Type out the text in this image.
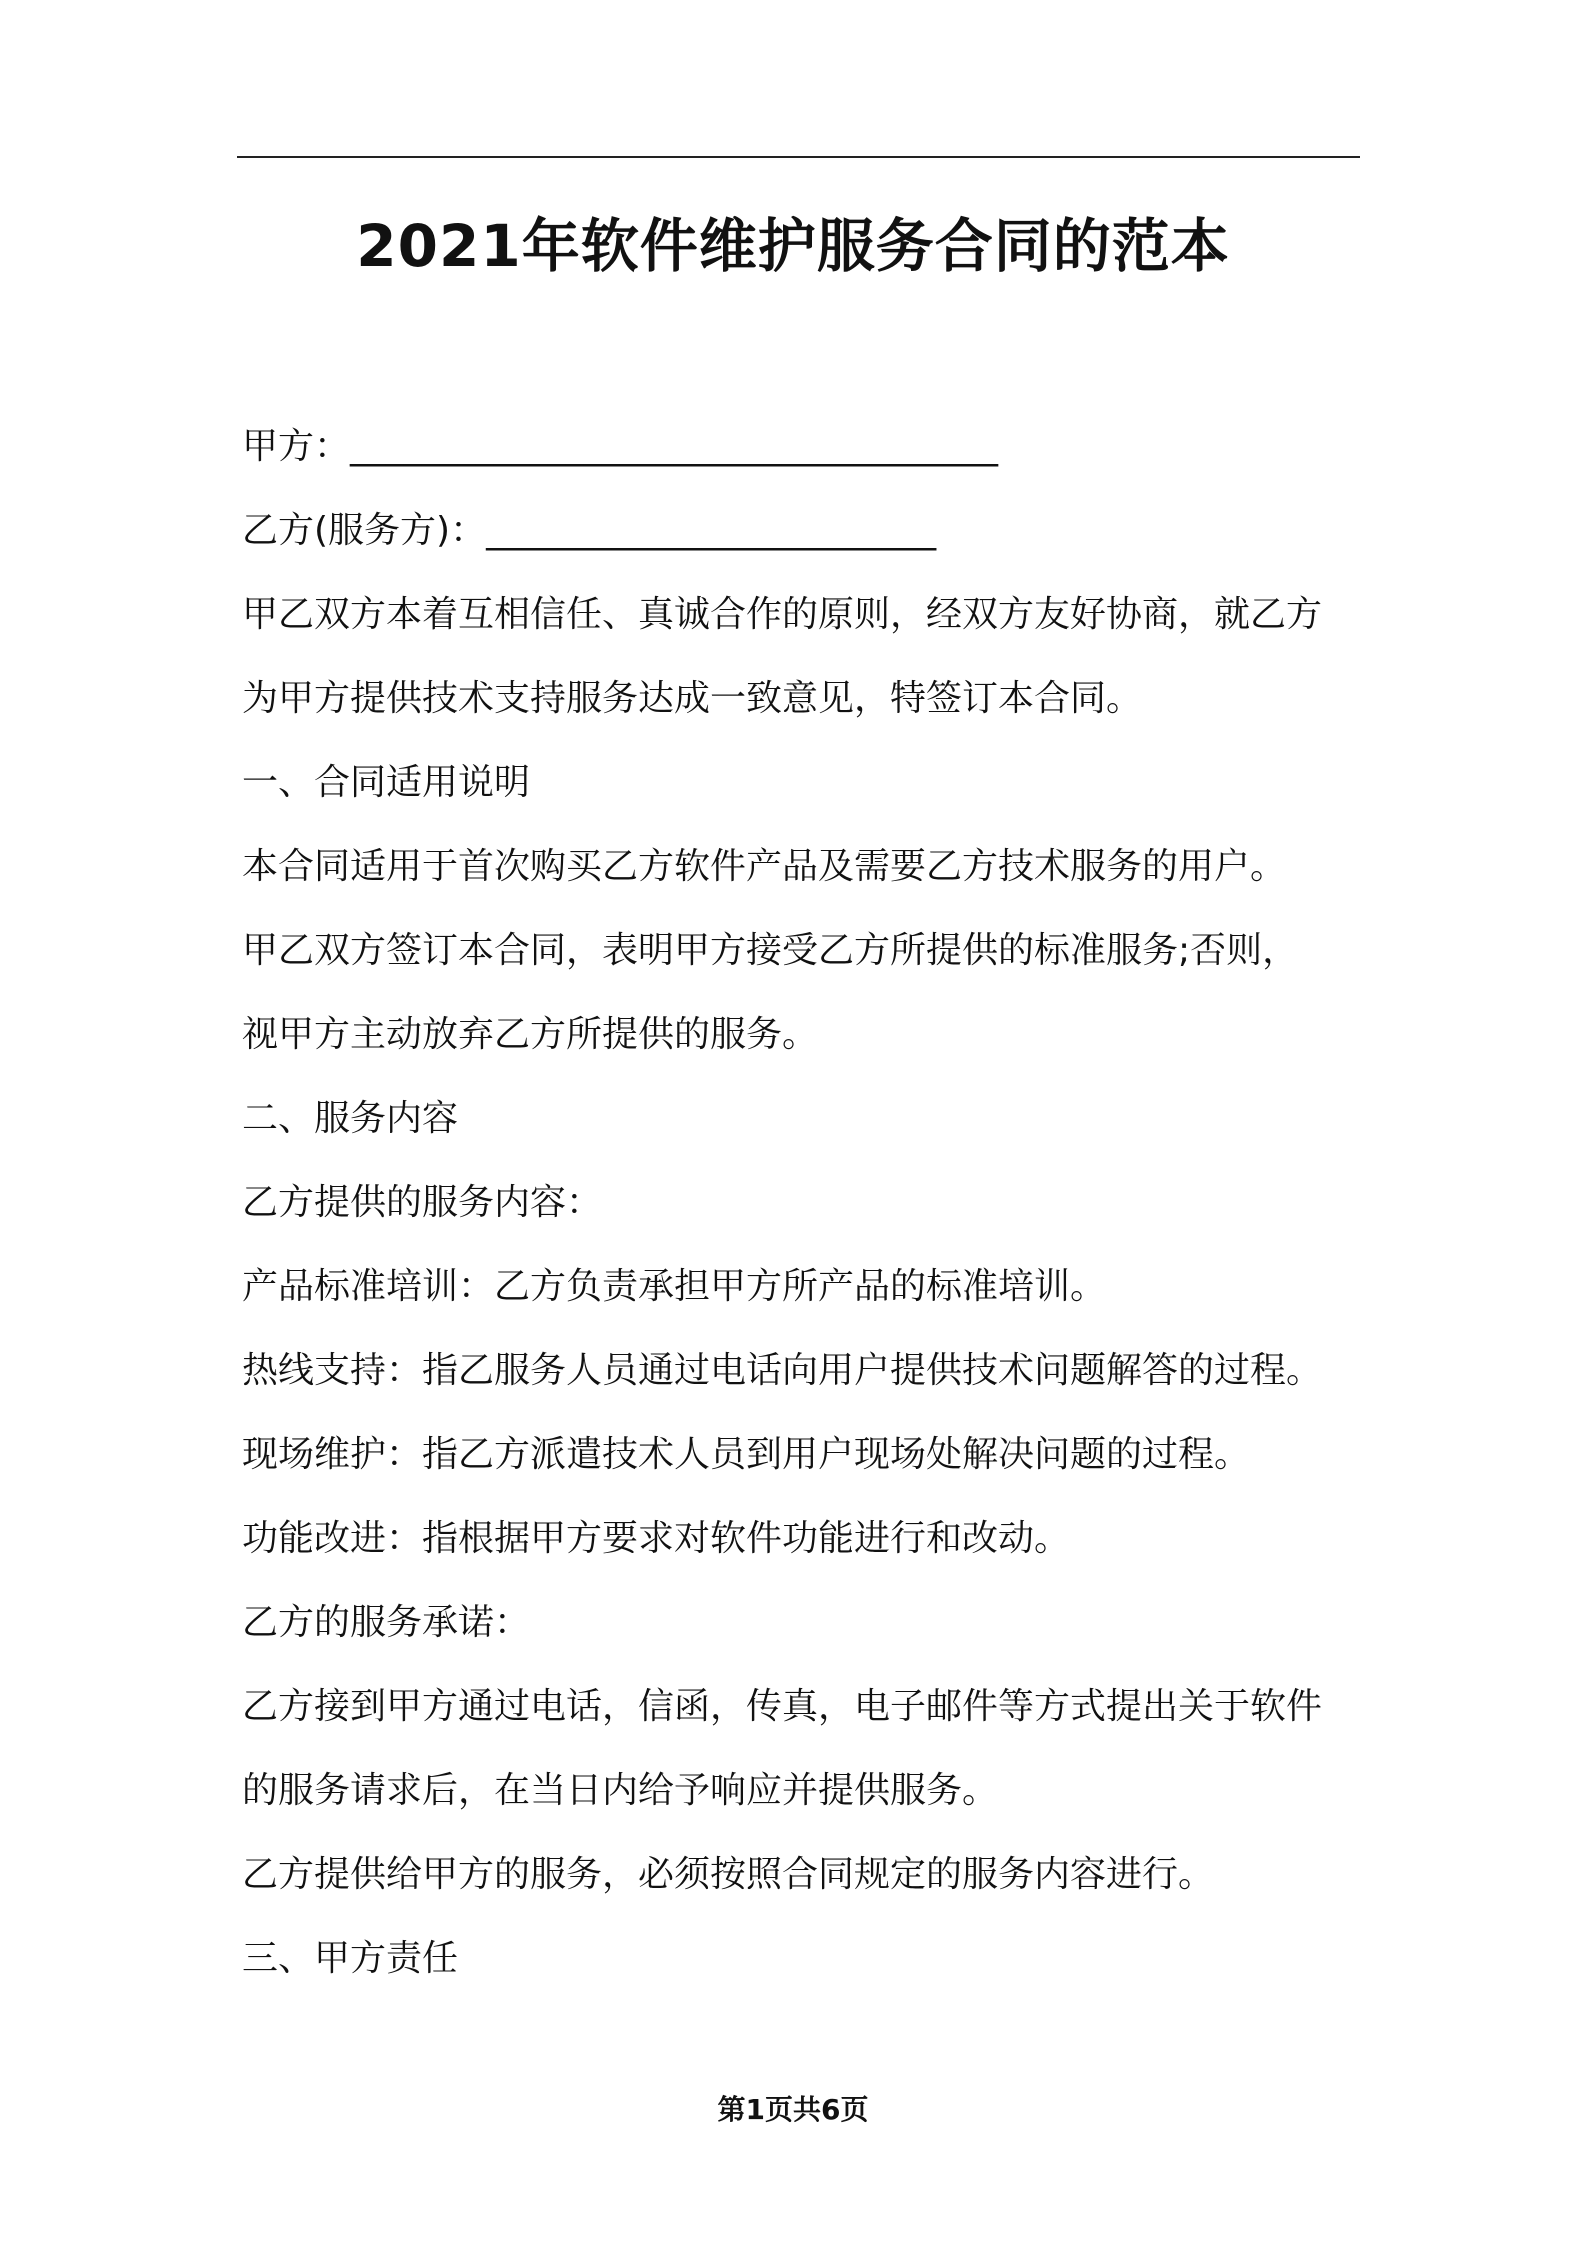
2021年软件维护服务合同的范本
甲方：____________________________________
乙方(服务方)：_________________________
甲乙双方本着互相信任、真诚合作的原则，经双方友好协商，就乙方
为甲方提供技术支持服务达成一致意见，特签订本合同。
一、合同适用说明
本合同适用于首次购买乙方软件产品及需要乙方技术服务的用户。
甲乙双方签订本合同，表明甲方接受乙方所提供的标准服务;否则，
视甲方主动放弃乙方所提供的服务。
二、服务内容
乙方提供的服务内容：
产品标准培训：乙方负责承担甲方所产品的标准培训。
热线支持：指乙服务人员通过电话向用户提供技术问题解答的过程。
现场维护：指乙方派遣技术人员到用户现场处解决问题的过程。
功能改进：指根据甲方要求对软件功能进行和改动。
乙方的服务承诺：
乙方接到甲方通过电话，信函，传真，电子邮件等方式提出关于软件
的服务请求后，在当日内给予响应并提供服务。
乙方提供给甲方的服务，必须按照合同规定的服务内容进行。
三、甲方责任
第1页共6页
